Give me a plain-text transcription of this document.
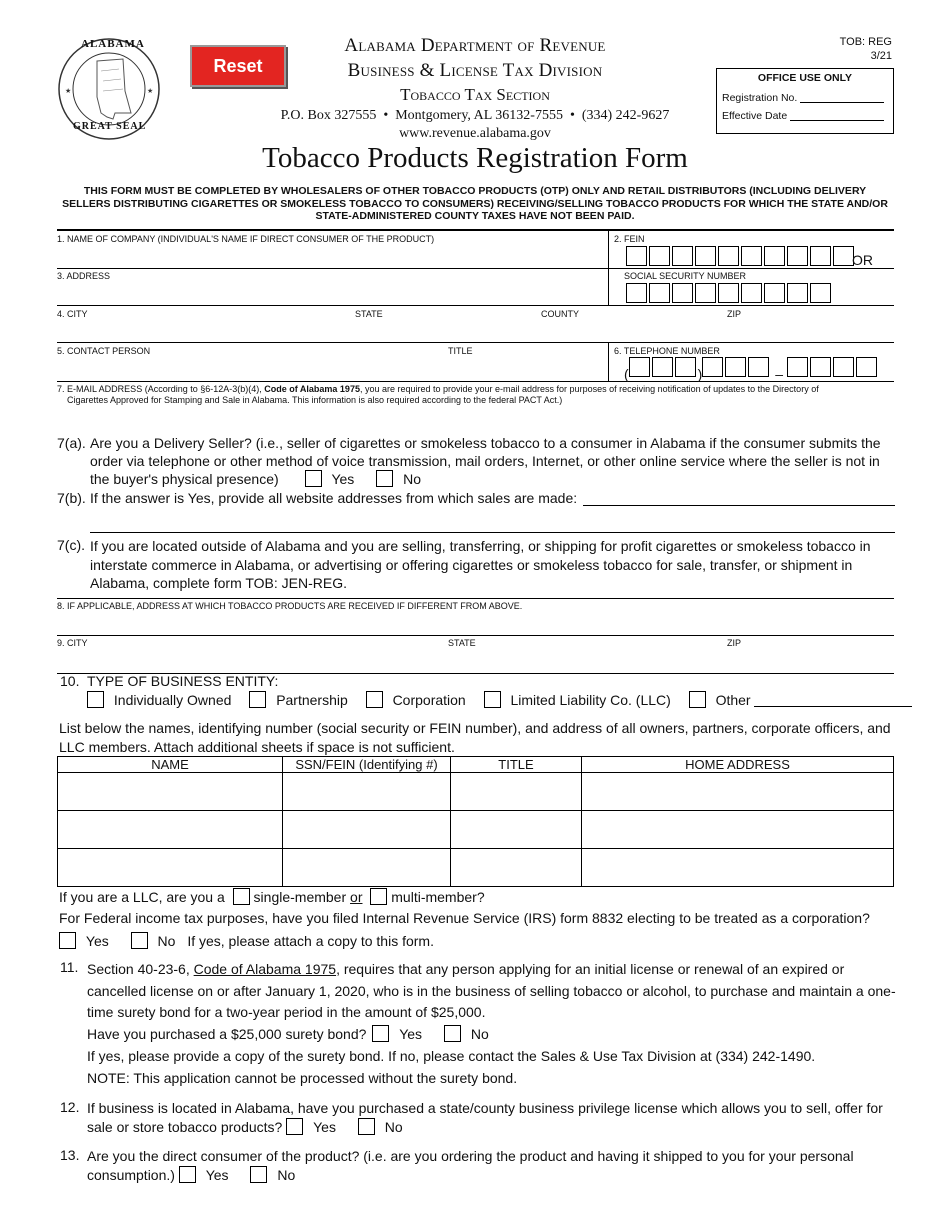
★	★
ALABAMA
GREAT SEAL
Reset
Alabama Department of Revenue
Business & License Tax Division
Tobacco Tax Section
P.O. Box 327555  •  Montgomery, AL 36132-7555  •  (334) 242-9627
www.revenue.alabama.gov
Tobacco Products Registration Form
TOB: REG
3/21
OFFICE USE ONLY
Registration No.
Effective Date
THIS FORM MUST BE COMPLETED BY WHOLESALERS OF OTHER TOBACCO PRODUCTS (OTP) ONLY AND RETAIL DISTRIBUTORS (INCLUDING DELIVERY SELLERS DISTRIBUTING CIGARETTES OR SMOKELESS TOBACCO TO CONSUMERS) RECEIVING/SELLING TOBACCO PRODUCTS FOR WHICH THE STATE AND/OR STATE-ADMINISTERED COUNTY TAXES HAVE NOT BEEN PAID.
1. NAME OF COMPANY (INDIVIDUAL'S NAME IF DIRECT CONSUMER OF THE PRODUCT)	2. FEIN
OR
3. ADDRESS	SOCIAL SECURITY NUMBER
4. CITY	STATE	COUNTY	ZIP
5. CONTACT PERSON	TITLE	6. TELEPHONE NUMBER
(	)	–
7. E-MAIL ADDRESS (According to §6-12A-3(b)(4), Code of Alabama 1975, you are required to provide your e-mail address for purposes of receiving notification of updates to the Directory of
Cigarettes Approved for Stamping and Sale in Alabama. This information is also required according to the federal PACT Act.)
7(a). Are you a Delivery Seller? (i.e., seller of cigarettes or smokeless tobacco to a consumer in Alabama if the consumer submits the
order via telephone or other method of voice transmission, mail orders, Internet, or other online service where the seller is not in
the buyer's physical presence)	Yes	No
7(b). If the answer is Yes, provide all website addresses from which sales are made:
7(c). If you are located outside of Alabama and you are selling, transferring, or shipping for profit cigarettes or smokeless tobacco in
interstate commerce in Alabama, or advertising or offering cigarettes or smokeless tobacco for sale, transfer, or shipment in
Alabama, complete form TOB: JEN-REG.
8. IF APPLICABLE, ADDRESS AT WHICH TOBACCO PRODUCTS ARE RECEIVED IF DIFFERENT FROM ABOVE.
9. CITY	STATE	ZIP
10.  TYPE OF BUSINESS ENTITY:
Individually Owned	Partnership	Corporation	Limited Liability Co. (LLC)	Other
List below the names, identifying number (social security or FEIN number), and address of all owners, partners, corporate officers, and
LLC members. Attach additional sheets if space is not sufficient.
NAME	SSN/FEIN (Identifying #)	TITLE	HOME ADDRESS

If you are a LLC, are you a single-member or multi-member?
For Federal income tax purposes, have you filed Internal Revenue Service (IRS) form 8832 electing to be treated as a corporation?
Yes	No If yes, please attach a copy to this form.
11. Section 40-23-6, Code of Alabama 1975, requires that any person applying for an initial license or renewal of an expired or
cancelled license on or after January 1, 2020, who is in the business of selling tobacco or alcohol, to purchase and maintain a one-
time surety bond for a two-year period in the amount of $25,000.
Have you purchased a $25,000 surety bond? Yes	No
If yes, please provide a copy of the surety bond. If no, please contact the Sales & Use Tax Division at (334) 242-1490.
NOTE: This application cannot be processed without the surety bond.
12. If business is located in Alabama, have you purchased a state/county business privilege license which allows you to sell, offer for
sale or store tobacco products? Yes	No
13. Are you the direct consumer of the product? (i.e. are you ordering the product and having it shipped to you for your personal
consumption.) Yes	No
